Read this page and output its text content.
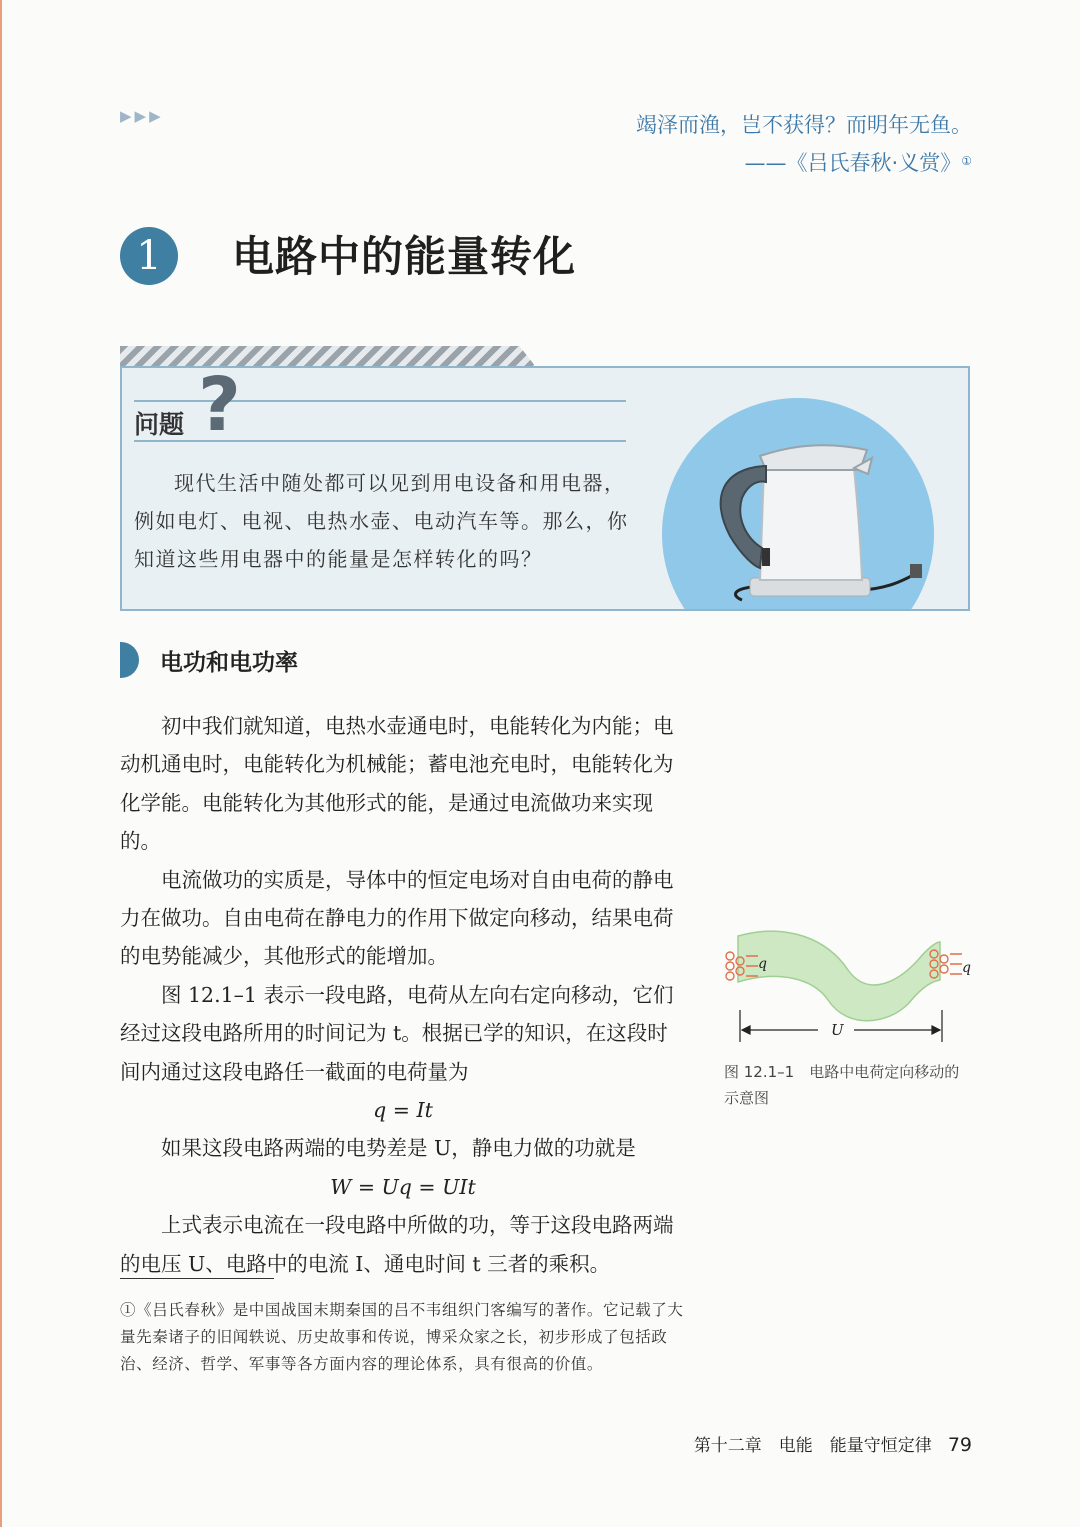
▶▶▶	竭泽而渔，岂不获得？而明年无鱼。
——《吕氏春秋·义赏》①
1	电路中的能量转化
问题 ?

现代生活中随处都可以见到用电设备和用电器，例如电灯、电视、电热水壶、电动汽车等。那么，你知道这些用电器中的能量是怎样转化的吗？

电功和电功率

初中我们就知道，电热水壶通电时，电能转化为内能；电动机通电时，电能转化为机械能；蓄电池充电时，电能转化为化学能。电能转化为其他形式的能，是通过电流做功来实现的。

电流做功的实质是，导体中的恒定电场对自由电荷的静电力在做功。自由电荷在静电力的作用下做定向移动，结果电荷的电势能减少，其他形式的能增加。

图 12.1–1 表示一段电路，电荷从左向右定向移动，它们经过这段电路所用的时间记为 t。根据已学的知识，在这段时间内通过这段电路任一截面的电荷量为

q = It

如果这段电路两端的电势差是 U，静电力做的功就是

W = Uq = UIt

上式表示电流在一段电路中所做的功，等于这段电路两端的电压 U、电路中的电流 I、通电时间 t 三者的乘积。

q	q
U
图 12.1–1　电路中电荷定向移动的
示意图
①《吕氏春秋》是中国战国末期秦国的吕不韦组织门客编写的著作。它记载了大量先秦诸子的旧闻轶说、历史故事和传说，博采众家之长，初步形成了包括政治、经济、哲学、军事等各方面内容的理论体系，具有很高的价值。
第十二章　电能　能量守恒定律 79
